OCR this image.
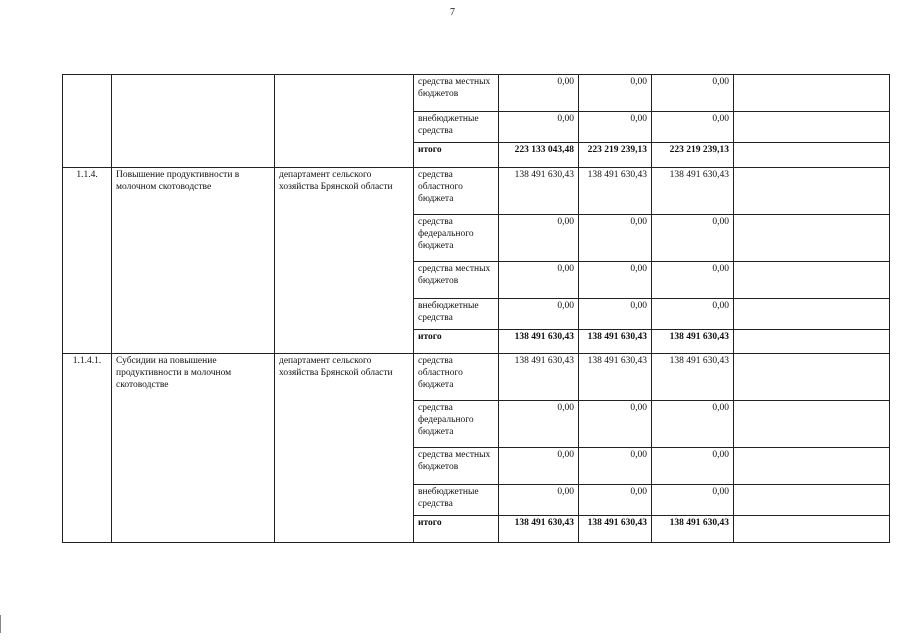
7
			средства местных бюджетов	0,00	0,00	0,00	
			внебюджетные средства	0,00	0,00	0,00	
			итого	223 133 043,48	223 219 239,13	223 219 239,13	
1.1.4.	Повышение продуктивности в молочном скотоводстве	департамент сельского хозяйства Брянской области	средства областного бюджета	138 491 630,43	138 491 630,43	138 491 630,43	
			средства федерального бюджета	0,00	0,00	0,00	
			средства местных бюджетов	0,00	0,00	0,00	
			внебюджетные средства	0,00	0,00	0,00	
			итого	138 491 630,43	138 491 630,43	138 491 630,43	
1.1.4.1.	Субсидии на повышение продуктивности в молочном скотоводстве	департамент сельского хозяйства Брянской области	средства областного бюджета	138 491 630,43	138 491 630,43	138 491 630,43	
			средства федерального бюджета	0,00	0,00	0,00	
			средства местных бюджетов	0,00	0,00	0,00	
			внебюджетные средства	0,00	0,00	0,00	
			итого	138 491 630,43	138 491 630,43	138 491 630,43	
